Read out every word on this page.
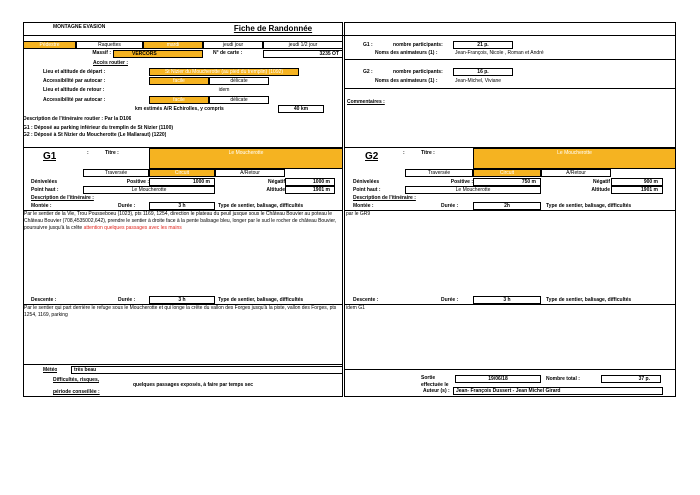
MONTAGNE EVASION	Fiche de Randonnée
Pédestre	Raquettes	mardi	jeudi jour	jeudi 1/2 jour
Massif :	VERCORS	N° de carte :	3235 OT
Accès routier :
Lieu et altitude de départ :	St Nizier du Moucherotte (au pied du tremplin) (1092)
Accessibilité par autocar :	facile	délicate
Lieu et altitude de retour :	idem
Accessibilité par autocar :	facile	délicate
km estimés A/R Echirolles, y compris	40 km
Description de l'itinéraire routier : Par la D106
G1 : Déposé au parking inférieur du tremplin de St Nizier (1100)
G2 : Déposé à St Nizier du Moucherotte (Le Mallaraut) (1220)
G1 :	nombre participants:	21 p.
Noms des animateurs (1) :	Jean-François, Nicole , Roman et André
G2 :	nombre participants:	16 p.
Noms des animateurs (1) :	Jean-Michel, Viviane
Commentaires :
G1	:	Titre :	Le Moucherotte
Traversée	Circuit	A/Retour
Dénivelées	Positive :	1000 m	Négatif	1000 m
Point haut :	Le Moucherotte	Altitude	1901 m
Description de l'itinéraire :
Montée :	Durée :	3 h	Type de sentier, balisage, difficultés
Par le sentier de la Vie, Trou Pousseboeu (1023), pts 1169, 1254, direction le plateau du peuil jusque sous le Château Bouvier au poteau le Château Bouvier (708,4535002,642), prendre le sentier à droite face à la pente balisage bleu, longer par le sud le rocher de château Bouvier, poursuivre jusqu'à la crête attention quelques passages avec les mains
Descente :	Durée :	3 h	Type de sentier, balisage, difficultés
Par le sentier qui part derrière le refuge sous le Moucherotte et qui longe la crête du vallon des Forges jusqu'à la piste, vallon des Forges, pts 1254, 1169, parking
G2	:	Titre :	Le Moucherotte
Traversée	Circuit	A/Retour
Dénivelées	Positive :	750 m	Négatif	900 m
Point haut :	Le Moucherotte	Altitude	1901 m
Description de l'itinéraire :
Montée :	Durée :	2h	Type de sentier, balisage, difficultés
par le GR9
Descente :	Durée :	3 h	Type de sentier, balisage, difficultés
idem G1
Météo	très beau
Difficultés, risques,
quelques passages exposés, à faire par temps sec
période conseillée :
Sortie
effectuée le
19/06/18	Nombre total :	37 p.
Auteur (s) :	Jean- François Dussert - Jean Michel Girard
